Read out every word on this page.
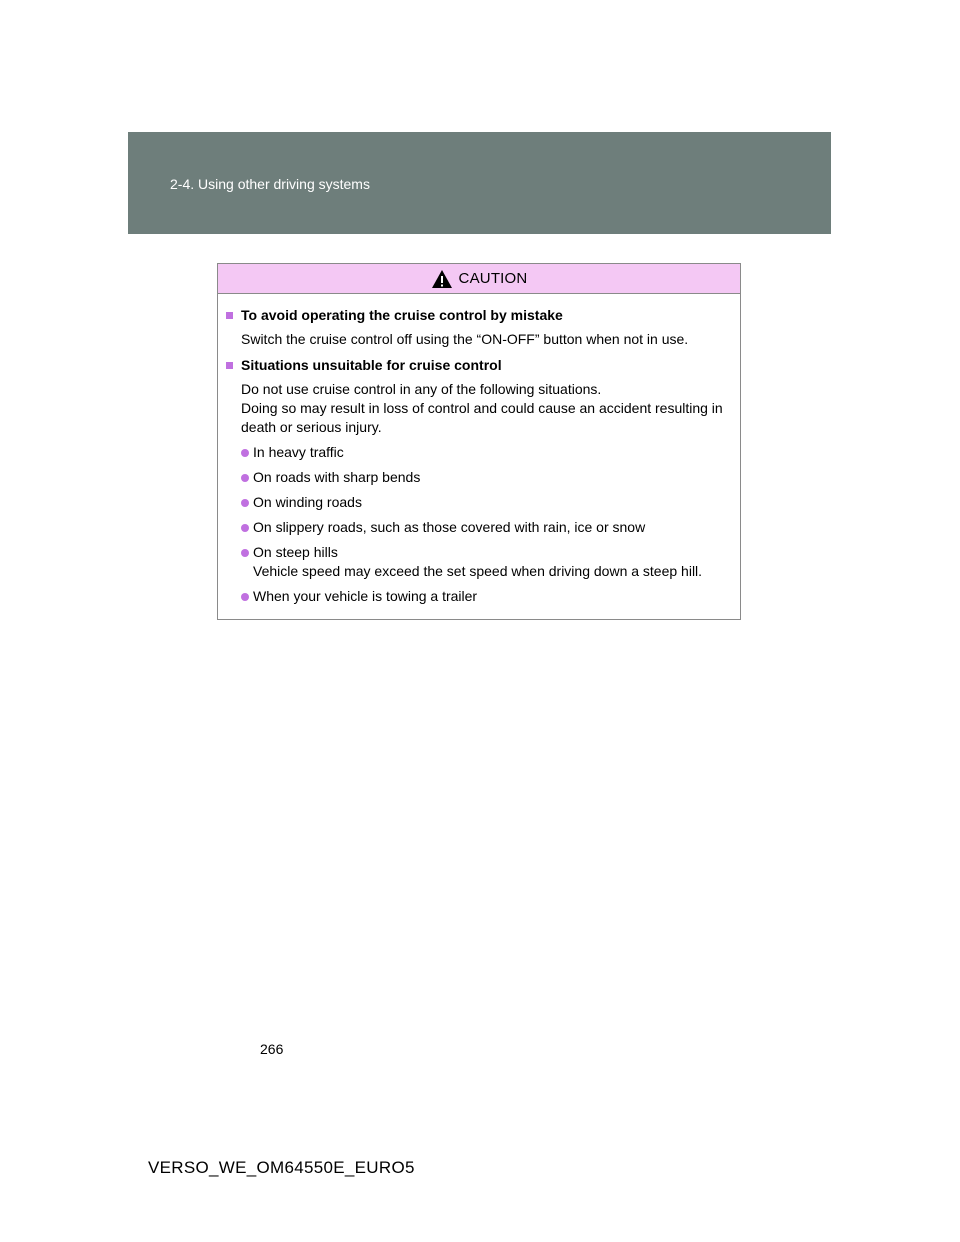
2-4. Using other driving systems
CAUTION
To avoid operating the cruise control by mistake
Switch the cruise control off using the “ON-OFF” button when not in use.
Situations unsuitable for cruise control
Do not use cruise control in any of the following situations.
Doing so may result in loss of control and could cause an accident resulting in death or serious injury.
In heavy traffic
On roads with sharp bends
On winding roads
On slippery roads, such as those covered with rain, ice or snow
On steep hills
Vehicle speed may exceed the set speed when driving down a steep hill.
When your vehicle is towing a trailer
266
VERSO_WE_OM64550E_EURO5
